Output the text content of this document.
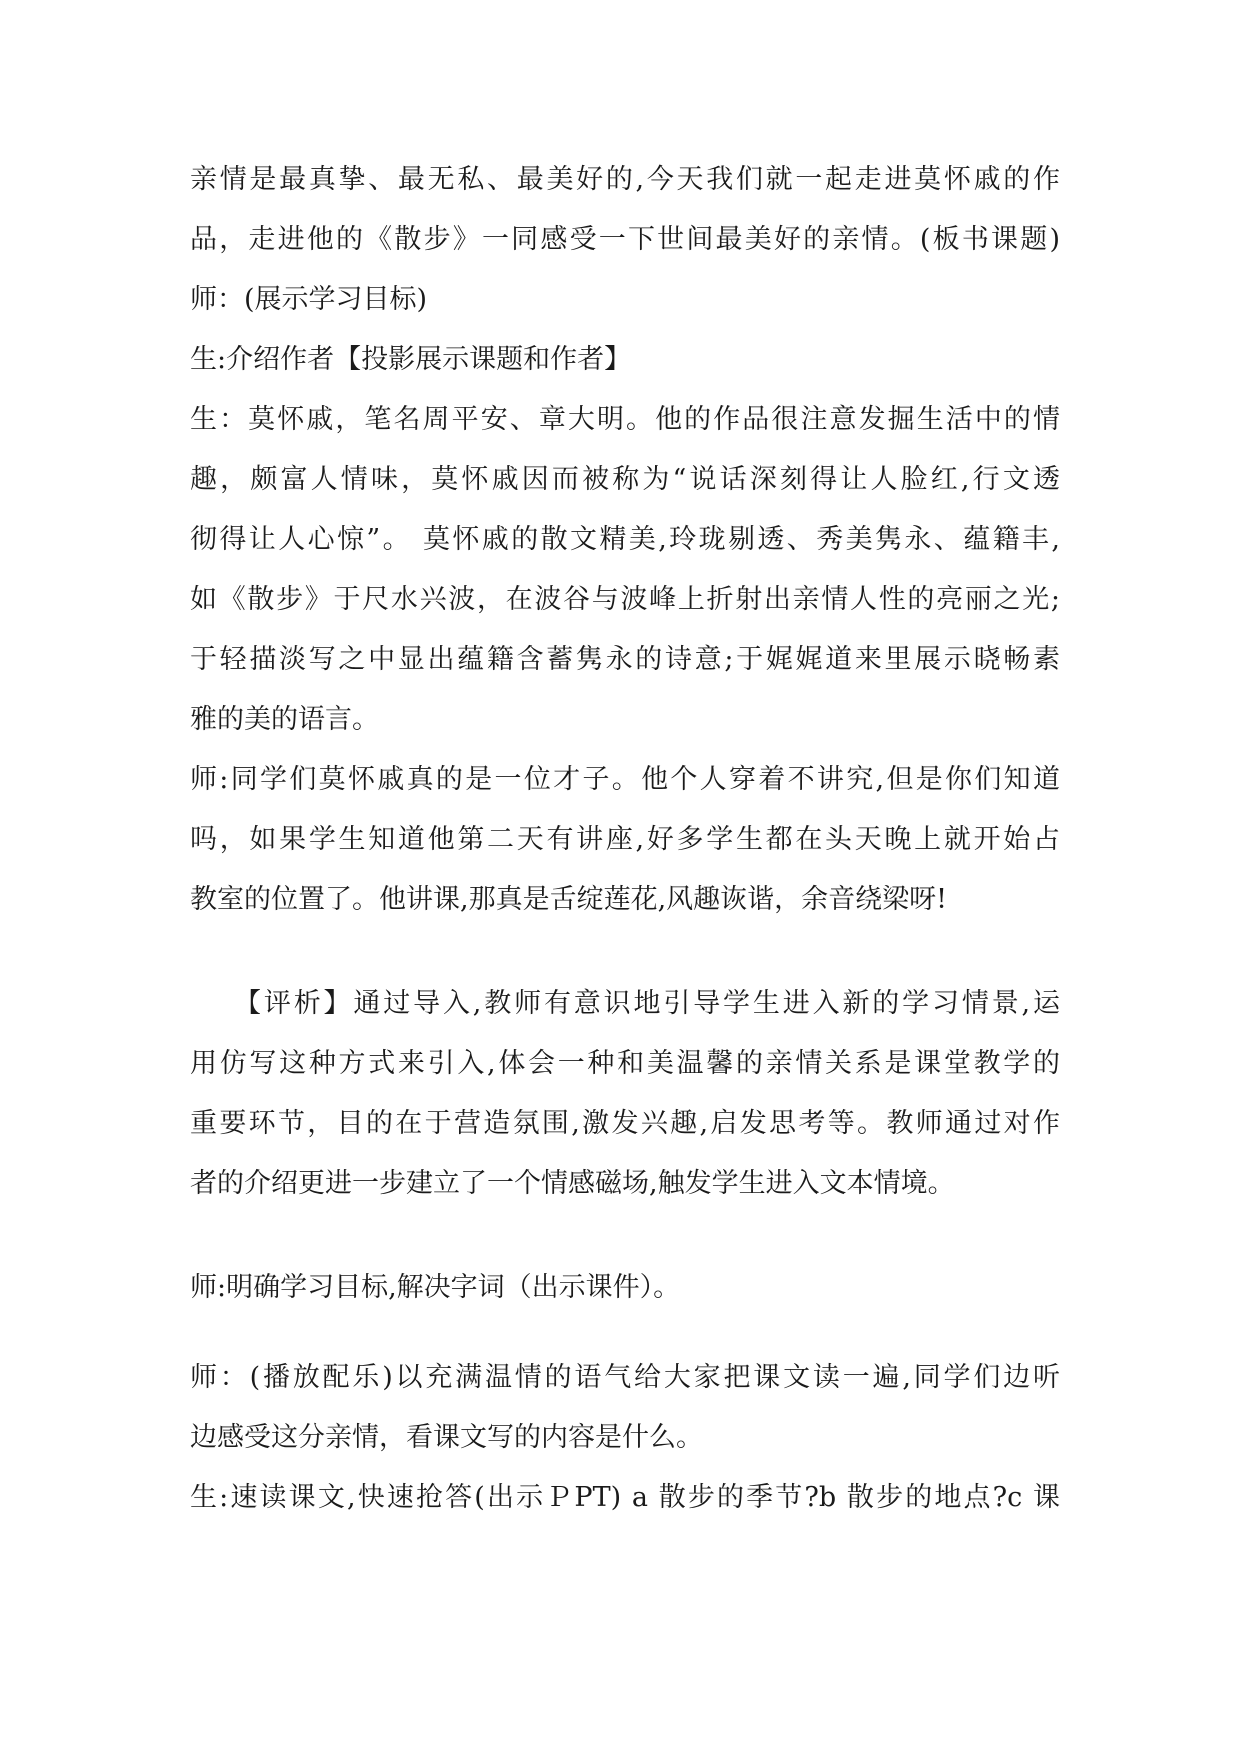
亲情是最真挚、最无私、最美好的,今天我们就一起走进莫怀戚的作
品，走进他的《散步》一同感受一下世间最美好的亲情。(板书课题)
师：(展示学习目标)
生:介绍作者【投影展示课题和作者】
生：莫怀戚，笔名周平安、章大明。他的作品很注意发掘生活中的情
趣，颇富人情味，莫怀戚因而被称为“说话深刻得让人脸红,行文透
彻得让人心惊”。 莫怀戚的散文精美,玲珑剔透、秀美隽永、蕴籍丰,
如《散步》于尺水兴波，在波谷与波峰上折射出亲情人性的亮丽之光;
于轻描淡写之中显出蕴籍含蓄隽永的诗意;于娓娓道来里展示晓畅素
雅的美的语言。
师:同学们莫怀戚真的是一位才子。他个人穿着不讲究,但是你们知道
吗，如果学生知道他第二天有讲座,好多学生都在头天晚上就开始占
教室的位置了。他讲课,那真是舌绽莲花,风趣诙谐，余音绕梁呀!
【评析】通过导入,教师有意识地引导学生进入新的学习情景,运
用仿写这种方式来引入,体会一种和美温馨的亲情关系是课堂教学的
重要环节，目的在于营造氛围,激发兴趣,启发思考等。教师通过对作
者的介绍更进一步建立了一个情感磁场,触发学生进入文本情境。
师:明确学习目标,解决字词（出示课件）。
师：(播放配乐)以充满温情的语气给大家把课文读一遍,同学们边听
边感受这分亲情，看课文写的内容是什么。
生:速读课文,快速抢答(出示ＰPT) a 散步的季节?b 散步的地点?c 课
